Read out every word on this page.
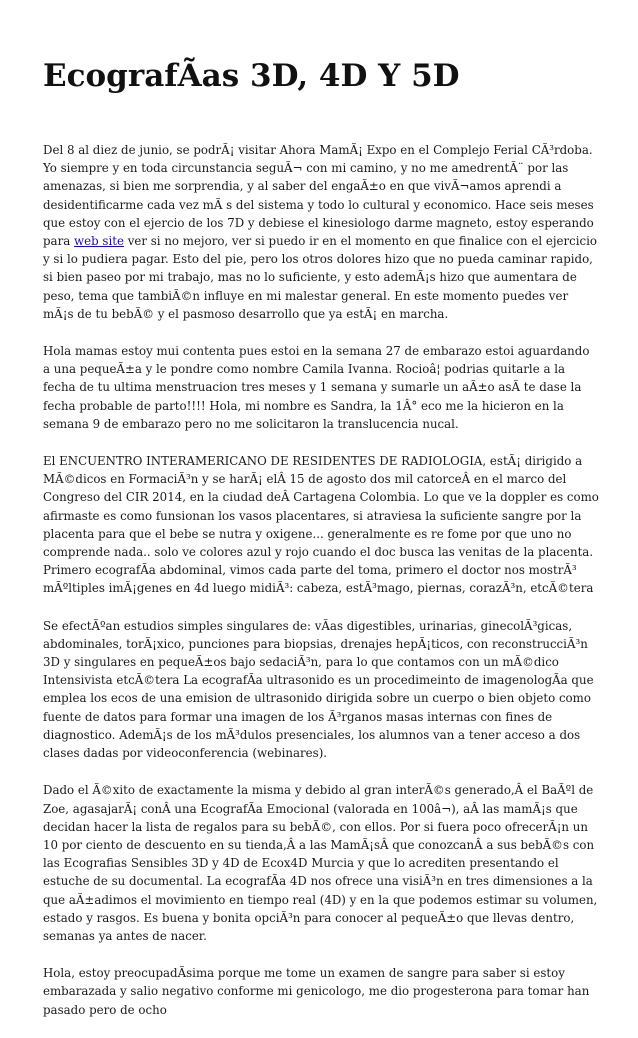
EcografÃas 3D, 4D Y 5D

Del 8 al diez de junio, se podrÃ¡ visitar Ahora MamÃ¡ Expo en el Complejo Ferial CÃ³rdoba. Yo siempre y en toda circunstancia seguÃ¬ con mi camino, y no me amedrentÃ¨ por las amenazas, si bien me sorprendia, y al saber del engaÃ±o en que vivÃ¬amos aprendi a desidentificarme cada vez mÃ s del sistema y todo lo cultural y economico. Hace seis meses que estoy con el ejercio de los 7D y debiese el kinesiologo darme magneto, estoy esperando para web site ver si no mejoro, ver si puedo ir en el momento en que finalice con el ejercicio y si lo pudiera pagar. Esto del pie, pero los otros dolores hizo que no pueda caminar rapido, si bien paseo por mi trabajo, mas no lo suficiente, y esto ademÃ¡s hizo que aumentara de peso, tema que tambiÃ©n influye en mi malestar general. En este momento puedes ver mÃ¡s de tu bebÃ© y el pasmoso desarrollo que ya estÃ¡ en marcha.

Hola mamas estoy mui contenta pues estoi en la semana 27 de embarazo estoi aguardando a una pequeÃ±a y le pondre como nombre Camila Ivanna. Rocioâ¦ podrias quitarle a la fecha de tu ultima menstruacion tres meses y 1 semana y sumarle un aÃ±o asÃ te dase la fecha probable de parto!!!! Hola, mi nombre es Sandra, la 1Â° eco me la hicieron en la semana 9 de embarazo pero no me solicitaron la translucencia nucal.

El ENCUENTRO INTERAMERICANO DE RESIDENTES DE RADIOLOGIA, estÃ¡ dirigido a MÃ©dicos en FormaciÃ³n y se harÃ¡ elÂ 15 de agosto dos mil catorceÂ en el marco del Congreso del CIR 2014, en la ciudad deÂ Cartagena Colombia. Lo que ve la doppler es como afirmaste es como funsionan los vasos placentares, si atraviesa la suficiente sangre por la placenta para que el bebe se nutra y oxigene... generalmente es re fome por que uno no comprende nada.. solo ve colores azul y rojo cuando el doc busca las venitas de la placenta. Primero ecografÃa abdominal, vimos cada parte del toma, primero el doctor nos mostrÃ³ mÃºltiples imÃ¡genes en 4d luego midiÃ³: cabeza, estÃ³mago, piernas, corazÃ³n, etcÃ©tera

Se efectÃºan estudios simples singulares de: vÃas digestibles, urinarias, ginecolÃ³gicas, abdominales, torÃ¡xico, punciones para biopsias, drenajes hepÃ¡ticos, con reconstrucciÃ³n 3D y singulares en pequeÃ±os bajo sedaciÃ³n, para lo que contamos con un mÃ©dico Intensivista etcÃ©tera La ecografÃa ultrasonido es un procedimeinto de imagenologÃa que emplea los ecos de una emision de ultrasonido dirigida sobre un cuerpo o bien objeto como fuente de datos para formar una imagen de los Ã³rganos masas internas con fines de diagnostico. AdemÃ¡s de los mÃ³dulos presenciales, los alumnos van a tener acceso a dos clases dadas por videoconferencia (webinares).

Dado el Ã©xito de exactamente la misma y debido al gran interÃ©s generado,Â el BaÃºl de Zoe, agasajarÃ¡ conÂ una EcografÃa Emocional (valorada en 100â¬), aÂ las mamÃ¡s que decidan hacer la lista de regalos para su bebÃ©, con ellos. Por si fuera poco ofrecerÃ¡n un 10 por ciento de descuento en su tienda,Â a las MamÃ¡sÂ que conozcanÂ a sus bebÃ©s con las Ecografias Sensibles 3D y 4D de Ecox4D Murcia y que lo acrediten presentando el estuche de su documental. La ecografÃa 4D nos ofrece una visiÃ³n en tres dimensiones a la que aÃ±adimos el movimiento en tiempo real (4D) y en la que podemos estimar su volumen, estado y rasgos. Es buena y bonita opciÃ³n para conocer al pequeÃ±o que llevas dentro, semanas ya antes de nacer.

Hola, estoy preocupadÃsima porque me tome un examen de sangre para saber si estoy embarazada y salio negativo conforme mi genicologo, me dio progesterona para tomar han pasado pero de ocho
